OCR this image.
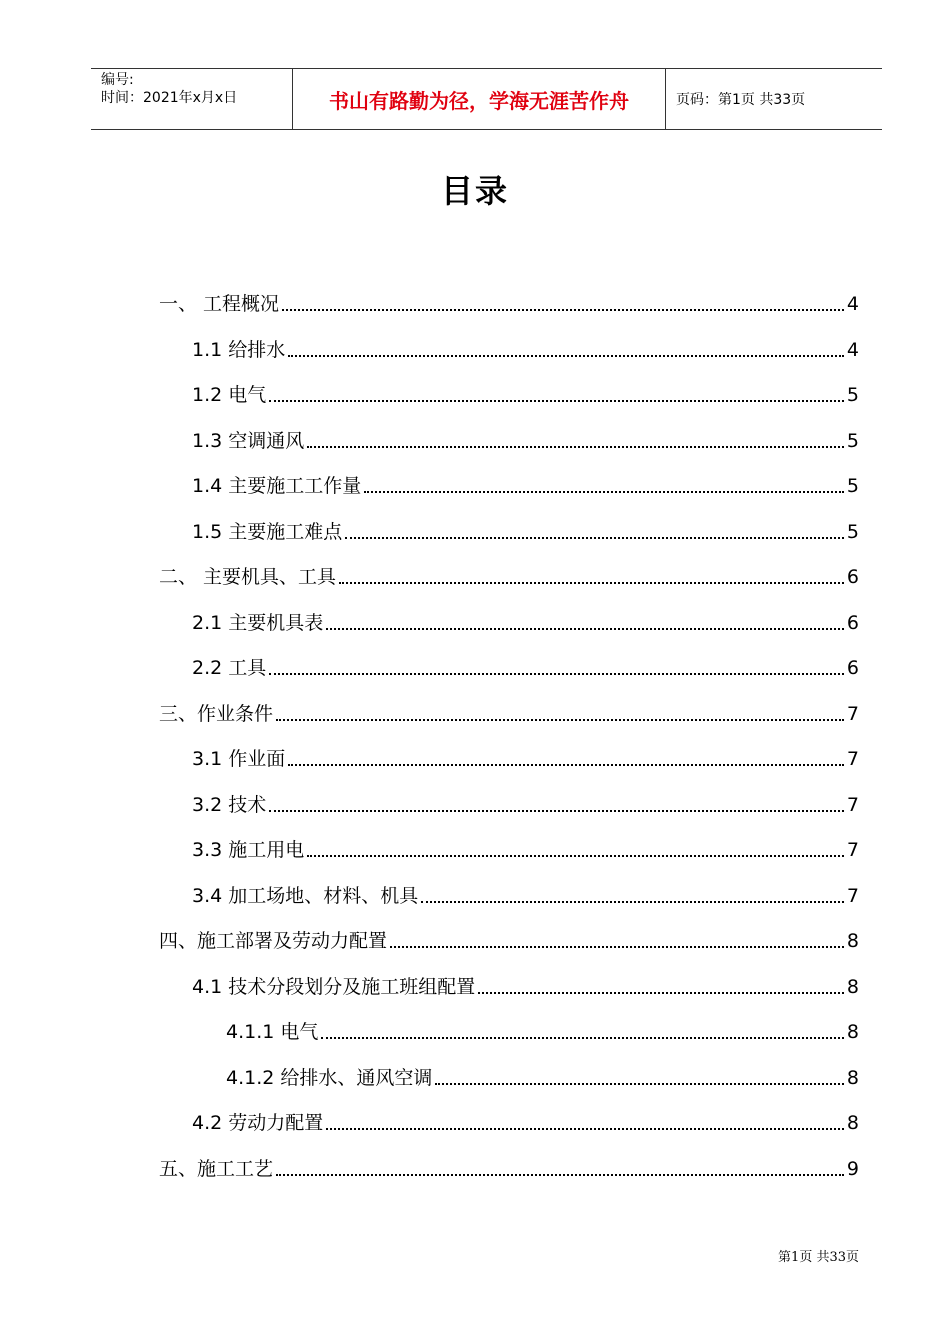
编号:
时间：2021年x月x日	书山有路勤为径，学海无涯苦作舟	页码：第1页 共33页
目录
一、 工程概况	4
1.1 给排水	4
1.2 电气	5
1.3 空调通风	5
1.4 主要施工工作量	5
1.5 主要施工难点	5
二、 主要机具、工具	6
2.1 主要机具表	6
2.2 工具	6
三、作业条件	7
3.1 作业面	7
3.2 技术	7
3.3 施工用电	7
3.4 加工场地、材料、机具	7
四、施工部署及劳动力配置	8
4.1 技术分段划分及施工班组配置	8
4.1.1 电气	8
4.1.2 给排水、通风空调	8
4.2 劳动力配置	8
五、施工工艺	9
第1页 共33页
